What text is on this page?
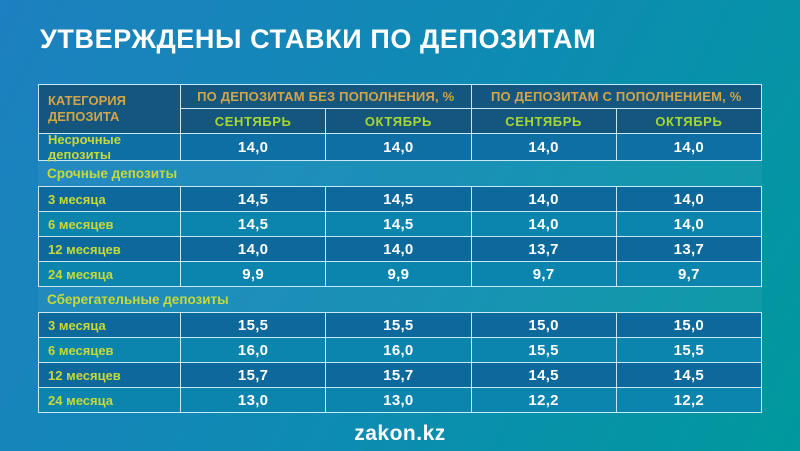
УТВЕРЖДЕНЫ СТАВКИ ПО ДЕПОЗИТАМ
КАТЕГОРИЯ ДЕПОЗИТА
ПО ДЕПОЗИТАМ БЕЗ ПОПОЛНЕНИЯ, %	ПО ДЕПОЗИТАМ С ПОПОЛНЕНИЕМ, %
СЕНТЯБРЬ	ОКТЯБРЬ	СЕНТЯБРЬ	ОКТЯБРЬ
Несрочные депозиты	14,0	14,0	14,0	14,0
Срочные депозиты
3 месяца	14,5	14,5	14,0	14,0
6 месяцев	14,5	14,5	14,0	14,0
12 месяцев	14,0	14,0	13,7	13,7
24 месяца	9,9	9,9	9,7	9,7
Сберегательные депозиты
3 месяца	15,5	15,5	15,0	15,0
6 месяцев	16,0	16,0	15,5	15,5
12 месяцев	15,7	15,7	14,5	14,5
24 месяца	13,0	13,0	12,2	12,2
zakon.kz
